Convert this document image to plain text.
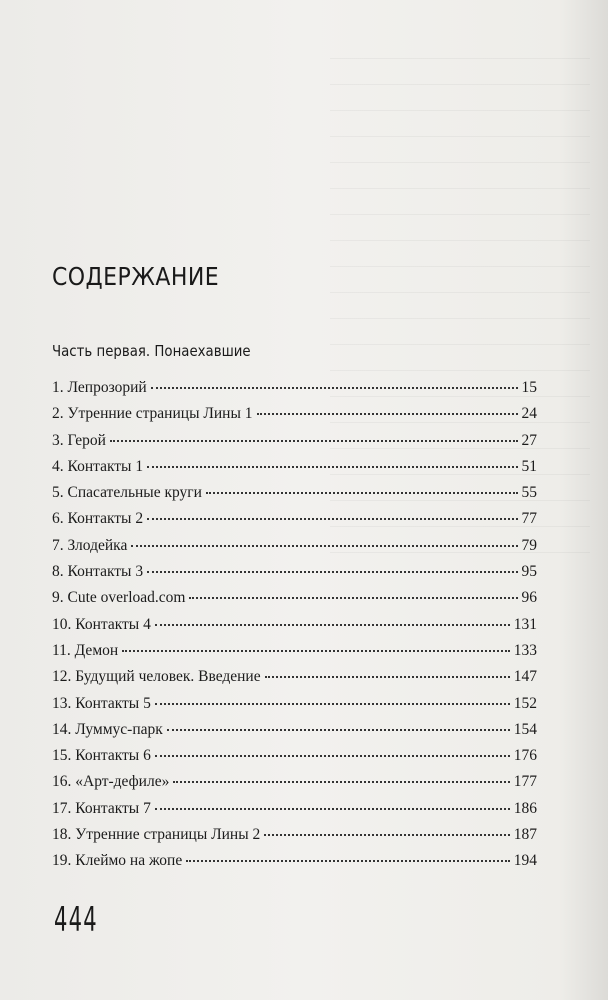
СОДЕРЖАНИЕ
Часть первая. Понаехавшие
1. Лепрозорий	15
2. Утренние страницы Лины 1	24
3. Герой	27
4. Контакты 1	51
5. Спасательные круги	55
6. Контакты 2	77
7. Злодейка	79
8. Контакты 3	95
9. Cute overload.com	96
10. Контакты 4	131
11. Демон	133
12. Будущий человек. Введение	147
13. Контакты 5	152
14. Луммус-парк	154
15. Контакты 6	176
16. «Арт-дефиле»	177
17. Контакты 7	186
18. Утренние страницы Лины 2	187
19. Клеймо на жопе	194
444
